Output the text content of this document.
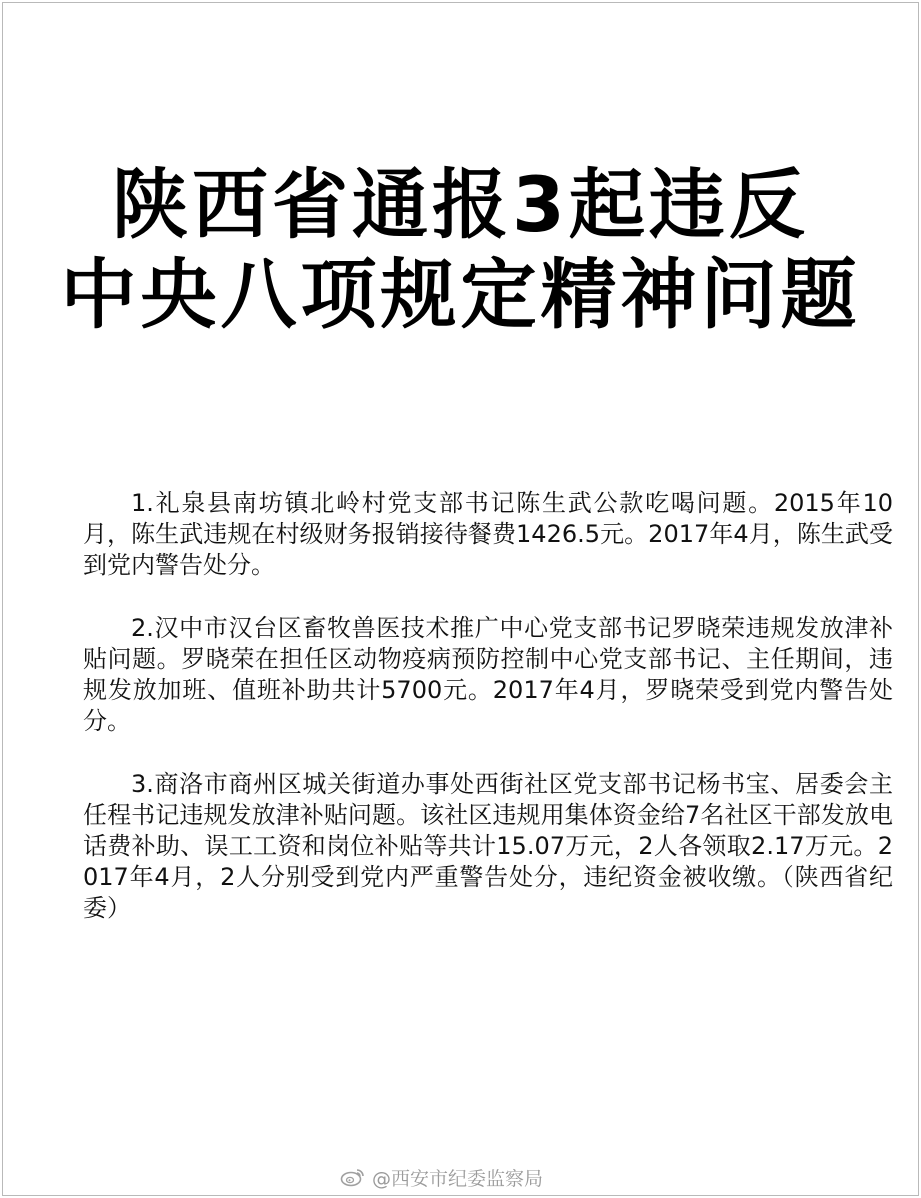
陕西省通报3起违反
中央八项规定精神问题

1.礼泉县南坊镇北岭村党支部书记陈生武公款吃喝问题。2015年10月，陈生武违规在村级财务报销接待餐费1426.5元。2017年4月，陈生武受到党内警告处分。

2.汉中市汉台区畜牧兽医技术推广中心党支部书记罗晓荣违规发放津补贴问题。罗晓荣在担任区动物疫病预防控制中心党支部书记、主任期间，违规发放加班、值班补助共计5700元。2017年4月，罗晓荣受到党内警告处分。

3.商洛市商州区城关街道办事处西街社区党支部书记杨书宝、居委会主任程书记违规发放津补贴问题。该社区违规用集体资金给7名社区干部发放电话费补助、误工工资和岗位补贴等共计15.07万元，2人各领取2.17万元。2017年4月，2人分别受到党内严重警告处分，违纪资金被收缴。（陕西省纪委）

@西安市纪委监察局
